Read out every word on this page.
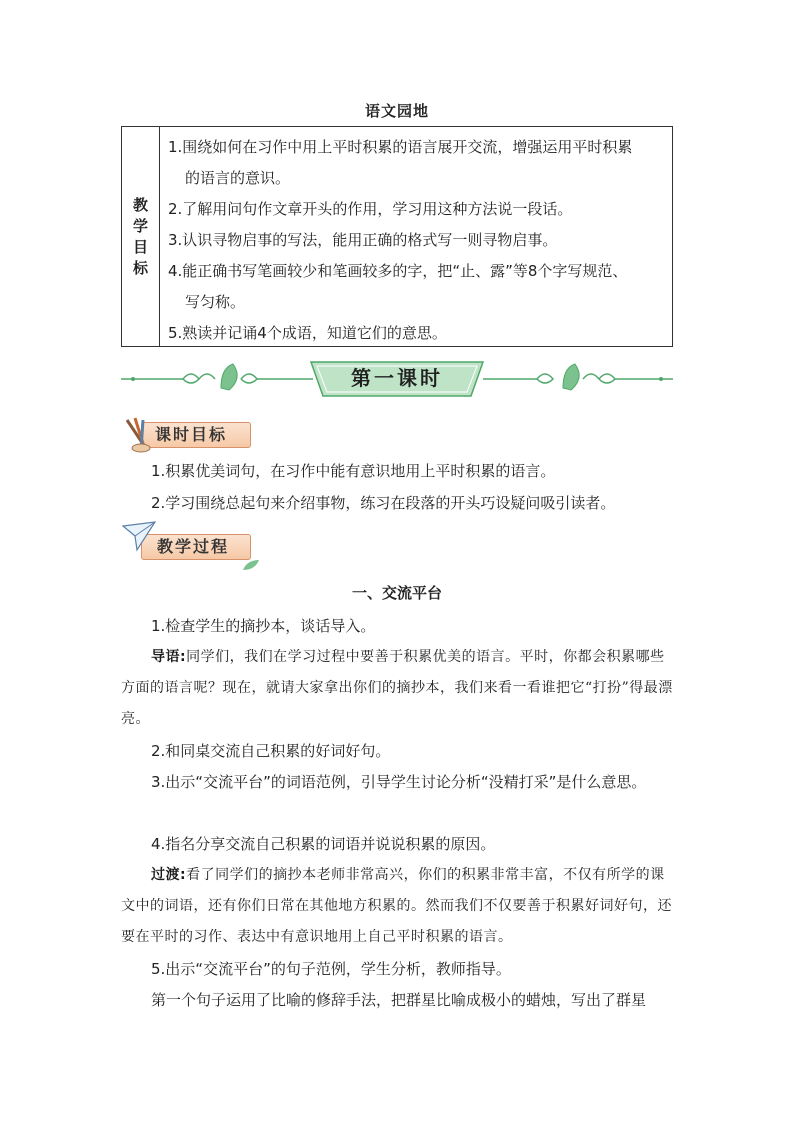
语文园地
教
学
目
标
1.围绕如何在习作中用上平时积累的语言展开交流，增强运用平时积累
的语言的意识。
2.了解用问句作文章开头的作用，学习用这种方法说一段话。
3.认识寻物启事的写法，能用正确的格式写一则寻物启事。
4.能正确书写笔画较少和笔画较多的字，把“止、露”等8个字写规范、
写匀称。
5.熟读并记诵4个成语，知道它们的意思。
第一课时
课时目标
1.积累优美词句，在习作中能有意识地用上平时积累的语言。
2.学习围绕总起句来介绍事物，练习在段落的开头巧设疑问吸引读者。
教学过程
一、交流平台
1.检查学生的摘抄本，谈话导入。
导语:同学们，我们在学习过程中要善于积累优美的语言。平时，你都会积累哪些方面的语言呢？现在，就请大家拿出你们的摘抄本，我们来看一看谁把它“打扮”得最漂亮。
2.和同桌交流自己积累的好词好句。
3.出示“交流平台”的词语范例，引导学生讨论分析“没精打采”是什么意思。
4.指名分享交流自己积累的词语并说说积累的原因。
过渡:看了同学们的摘抄本老师非常高兴，你们的积累非常丰富，不仅有所学的课文中的词语，还有你们日常在其他地方积累的。然而我们不仅要善于积累好词好句，还要在平时的习作、表达中有意识地用上自己平时积累的语言。
5.出示“交流平台”的句子范例，学生分析，教师指导。
第一个句子运用了比喻的修辞手法，把群星比喻成极小的蜡烛，写出了群星
